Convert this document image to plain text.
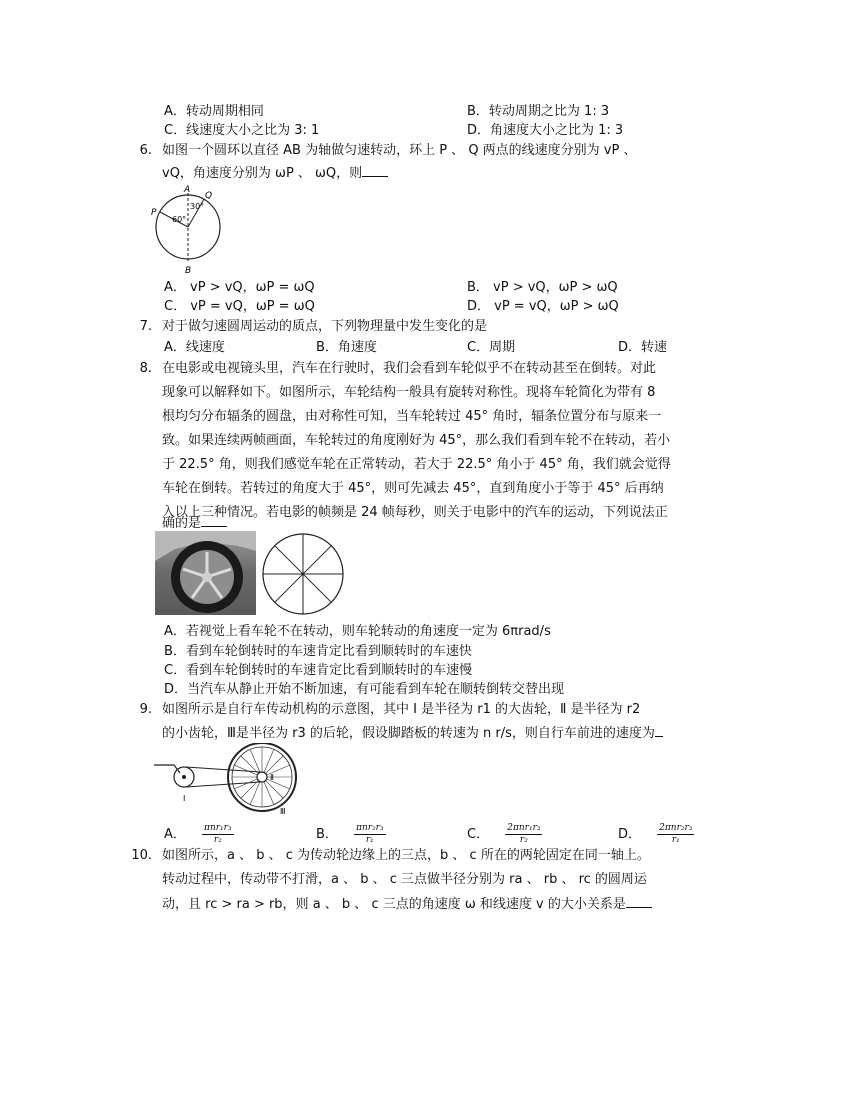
A．转动周期相同	B．转动周期之比为 1: 3
C．线速度大小之比为 3: 1	D．角速度大小之比为 1: 3
6. 如图一个圆环以直径 AB 为轴做匀速转动，环上 P 、 Q 两点的线速度分别为 vP 、
vQ，角速度分别为 ωP 、 ωQ，则
A
B
P
Q
30°
60°
A． vP > vQ，ωP = ωQ	B． vP > vQ，ωP > ωQ
C． vP = vQ，ωP = ωQ	D． vP = vQ，ωP > ωQ
7. 对于做匀速圆周运动的质点，下列物理量中发生变化的是
A．线速度	B．角速度	C．周期	D．转速
8. 在电影或电视镜头里，汽车在行驶时，我们会看到车轮似乎不在转动甚至在倒转。对此
现象可以解释如下。如图所示，车轮结构一般具有旋转对称性。现将车轮简化为带有 8
根均匀分布辐条的圆盘，由对称性可知，当车轮转过 45° 角时，辐条位置分布与原来一
致。如果连续两帧画面，车轮转过的角度刚好为 45°，那么我们看到车轮不在转动，若小
于 22.5° 角，则我们感觉车轮在正常转动，若大于 22.5° 角小于 45° 角，我们就会觉得
车轮在倒转。若转过的角度大于 45°，则可先减去 45°，直到角度小于等于 45° 后再纳
入以上三种情况。若电影的帧频是 24 帧每秒，则关于电影中的汽车的运动，下列说法正
确的是
A．若视觉上看车轮不在转动，则车轮转动的角速度一定为 6πrad/s
B．看到车轮倒转时的车速肯定比看到顺转时的车速快
C．看到车轮倒转时的车速肯定比看到顺转时的车速慢
D．当汽车从静止开始不断加速，有可能看到车轮在顺转倒转交替出现
9. 如图所示是自行车传动机构的示意图，其中 Ⅰ 是半径为 r1 的大齿轮，Ⅱ 是半径为 r2
的小齿轮，Ⅲ是半径为 r3 的后轮，假设脚踏板的转速为 n r/s，则自行车前进的速度为
Ⅰ
Ⅱ
Ⅲ
A． $\frac{\text{πnr₁r₃}}{\text{r₂}}$	B． $\frac{\text{πnr₂r₃}}{\text{r₁}}$	C． $\frac{\text{2πnr₁r₃}}{\text{r₂}}$	D． $\frac{\text{2πnr₂r₃}}{\text{r₁}}$
10. 如图所示，a 、 b 、 c 为传动轮边缘上的三点，b 、 c 所在的两轮固定在同一轴上。
转动过程中，传动带不打滑，a 、 b 、 c 三点做半径分别为 ra 、 rb 、 rc 的圆周运
动，且 rc > ra > rb，则 a 、 b 、 c 三点的角速度 ω 和线速度 v 的大小关系是
